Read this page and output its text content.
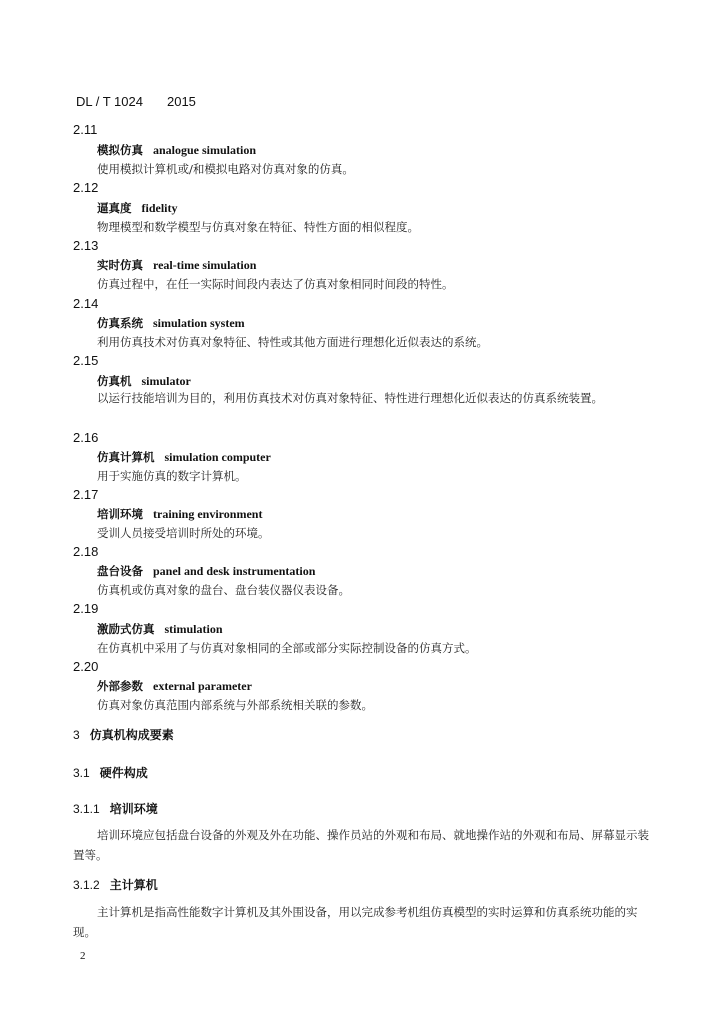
DL / T 1024 2015
2.11
模拟仿真 analogue simulation
使用模拟计算机或/和模拟电路对仿真对象的仿真。
2.12
逼真度 fidelity
物理模型和数学模型与仿真对象在特征、特性方面的相似程度。
2.13
实时仿真 real-time simulation
仿真过程中，在任一实际时间段内表达了仿真对象相同时间段的特性。
2.14
仿真系统 simulation system
利用仿真技术对仿真对象特征、特性或其他方面进行理想化近似表达的系统。
2.15
仿真机 simulator
以运行技能培训为目的，利用仿真技术对仿真对象特征、特性进行理想化近似表达的仿真系统装置。
2.16
仿真计算机 simulation computer
用于实施仿真的数字计算机。
2.17
培训环境 training environment
受训人员接受培训时所处的环境。
2.18
盘台设备 panel and desk instrumentation
仿真机或仿真对象的盘台、盘台装仪器仪表设备。
2.19
激励式仿真 stimulation
在仿真机中采用了与仿真对象相同的全部或部分实际控制设备的仿真方式。
2.20
外部参数 external parameter
仿真对象仿真范围内部系统与外部系统相关联的参数。
3 仿真机构成要素
3.1 硬件构成
3.1.1 培训环境
培训环境应包括盘台设备的外观及外在功能、操作员站的外观和布局、就地操作站的外观和布局、屏幕显示装置等。
3.1.2 主计算机
主计算机是指高性能数字计算机及其外围设备，用以完成参考机组仿真模型的实时运算和仿真系统功能的实现。
2
